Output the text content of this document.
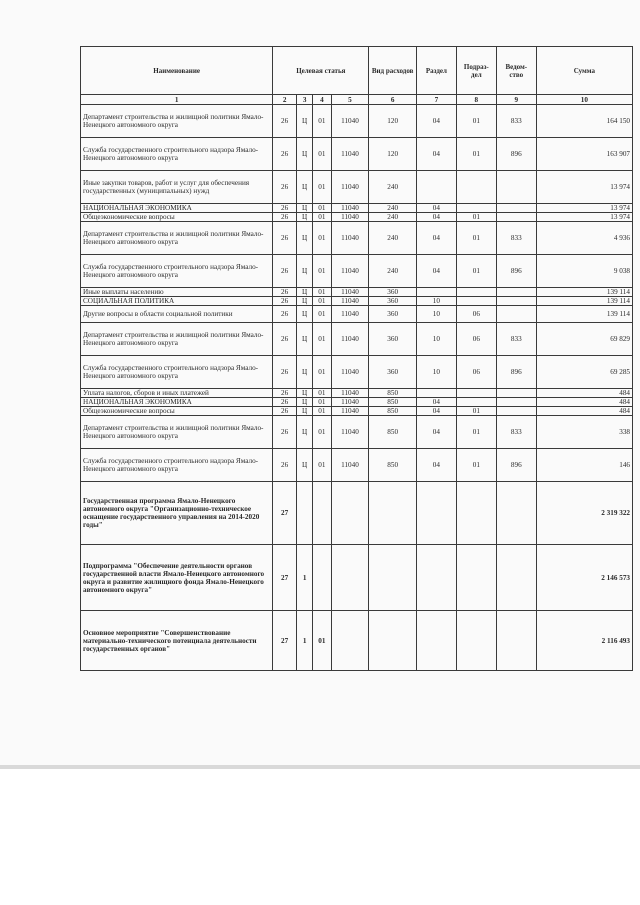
Наименование	Целевая статья				Вид расходов	Раздел	Подраз- дел	Ведом- ство	Сумма
1	2	3	4	5	6	7	8	9	10
Департамент строительства и жилищной политики Ямало-Ненецкого автономного округа	26	Ц	01	11040	120	04	01	833	164 150
Служба государственного строительного надзора Ямало-Ненецкого автономного округа	26	Ц	01	11040	120	04	01	896	163 907
Иные закупки товаров, работ и услуг для обеспечения государственных (муниципальных) нужд	26	Ц	01	11040	240				13 974
НАЦИОНАЛЬНАЯ ЭКОНОМИКА	26	Ц	01	11040	240	04			13 974
Общеэкономические вопросы	26	Ц	01	11040	240	04	01		13 974
Департамент строительства и жилищной политики Ямало-Ненецкого автономного округа	26	Ц	01	11040	240	04	01	833	4 936
Служба государственного строительного надзора Ямало-Ненецкого автономного округа	26	Ц	01	11040	240	04	01	896	9 038
Иные выплаты населению	26	Ц	01	11040	360				139 114
СОЦИАЛЬНАЯ ПОЛИТИКА	26	Ц	01	11040	360	10			139 114
Другие вопросы в области социальной политики	26	Ц	01	11040	360	10	06		139 114
Департамент строительства и жилищной политики Ямало-Ненецкого автономного округа	26	Ц	01	11040	360	10	06	833	69 829
Служба государственного строительного надзора Ямало-Ненецкого автономного округа	26	Ц	01	11040	360	10	06	896	69 285
Уплата налогов, сборов и иных платежей	26	Ц	01	11040	850				484
НАЦИОНАЛЬНАЯ ЭКОНОМИКА	26	Ц	01	11040	850	04			484
Общеэкономические вопросы	26	Ц	01	11040	850	04	01		484
Департамент строительства и жилищной политики Ямало-Ненецкого автономного округа	26	Ц	01	11040	850	04	01	833	338
Служба государственного строительного надзора Ямало-Ненецкого автономного округа	26	Ц	01	11040	850	04	01	896	146
Государственная программа Ямало-Ненецкого автономного округа "Организационно-техническое оснащение государственного управления на 2014-2020 годы"	27								2 319 322
Подпрограмма "Обеспечение деятельности органов государственной власти Ямало-Ненецкого автономного округа и развитие жилищного фонда Ямало-Ненецкого автономного округа"	27	1							2 146 573
Основное мероприятие "Совершенствование материально-технического потенциала деятельности государственных органов"	27	1	01						2 116 493
